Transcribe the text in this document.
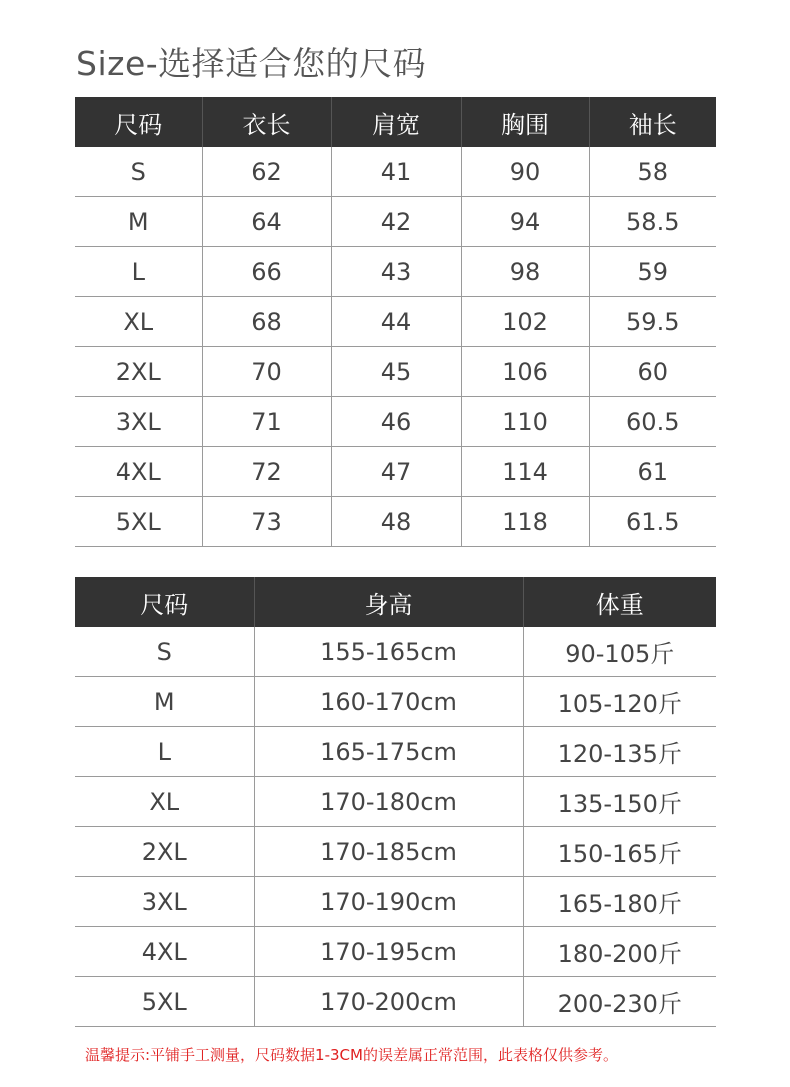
Size-选择适合您的尺码
尺码	衣长	肩宽	胸围	袖长
S	62	41	90	58
M	64	42	94	58.5
L	66	43	98	59
XL	68	44	102	59.5
2XL	70	45	106	60
3XL	71	46	110	60.5
4XL	72	47	114	61
5XL	73	48	118	61.5
尺码	身高	体重
S	155-165cm	90-105斤
M	160-170cm	105-120斤
L	165-175cm	120-135斤
XL	170-180cm	135-150斤
2XL	170-185cm	150-165斤
3XL	170-190cm	165-180斤
4XL	170-195cm	180-200斤
5XL	170-200cm	200-230斤
温馨提示:平铺手工测量，尺码数据1-3CM的误差属正常范围，此表格仅供参考。
